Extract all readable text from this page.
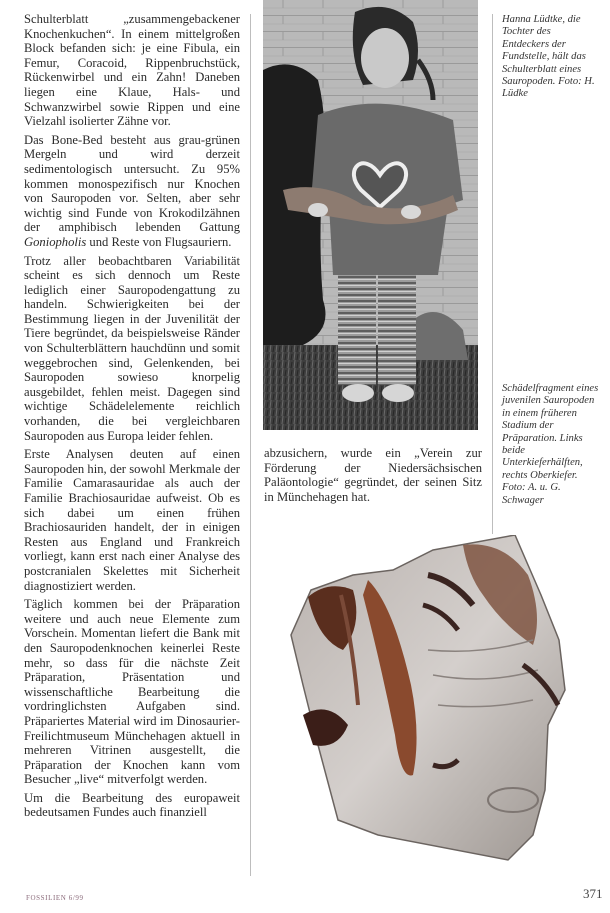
Schulterblatt „zusammengebackener Knochenkuchen“. In einem mittelgroßen Block befanden sich: je eine Fibula, ein Femur, Coracoid, Rippenbruchstück, Rückenwirbel und ein Zahn! Daneben liegen eine Klaue, Hals- und Schwanzwirbel sowie Rippen und eine Vielzahl isolierter Zähne vor.

Das Bone-Bed besteht aus grau-grünen Mergeln und wird derzeit sedimentologisch untersucht. Zu 95% kommen monospezifisch nur Knochen von Sauropoden vor. Selten, aber sehr wichtig sind Funde von Krokodilzähnen der amphibisch lebenden Gattung Goniopholis und Reste von Flugsauriern.

Trotz aller beobachtbaren Variabilität scheint es sich dennoch um Reste lediglich einer Sauropodengattung zu handeln. Schwierigkeiten bei der Bestimmung liegen in der Juvenilität der Tiere begründet, da beispielsweise Ränder von Schulterblättern hauchdünn und somit weggebrochen sind, Gelenkenden, bei Sauropoden sowieso knorpelig ausgebildet, fehlen meist. Dagegen sind wichtige Schädelelemente reichlich vorhanden, die bei vergleichbaren Sauropoden aus Europa leider fehlen.

Erste Analysen deuten auf einen Sauropoden hin, der sowohl Merkmale der Familie Camarasauridae als auch der Familie Brachiosauridae aufweist. Ob es sich dabei um einen frühen Brachiosauriden handelt, der in einigen Resten aus England und Frankreich vorliegt, kann erst nach einer Analyse des postcranialen Skelettes mit Sicherheit diagnostiziert werden.

Täglich kommen bei der Präparation weitere und auch neue Elemente zum Vorschein. Momentan liefert die Bank mit den Sauropodenknochen keinerlei Reste mehr, so dass für die nächste Zeit Präparation, Präsentation und wissenschaftliche Bearbeitung die vordringlichsten Aufgaben sind. Präpariertes Material wird im Dinosaurier-Freilichtmuseum Münchehagen aktuell in mehreren Vitrinen ausgestellt, die Präparation der Knochen kann vom Besucher „live“ mitverfolgt werden.

Um die Bearbeitung des europaweit bedeutsamen Fundes auch finanziell

Hanna Lüdtke, die Tochter des Entdeckers der Fundstelle, hält das Schulterblatt eines Sauropoden. Foto: H. Lüdke
abzusichern, wurde ein „Verein zur Förderung der Niedersächsischen Paläontologie“ gegründet, der seinen Sitz in Münchehagen hat.
Schädelfragment eines juvenilen Sauropoden in einem früheren Stadium der Präparation. Links beide Unterkieferhälften, rechts Oberkiefer. Foto: A. u. G. Schwager
FOSSILIEN 6/99	371
